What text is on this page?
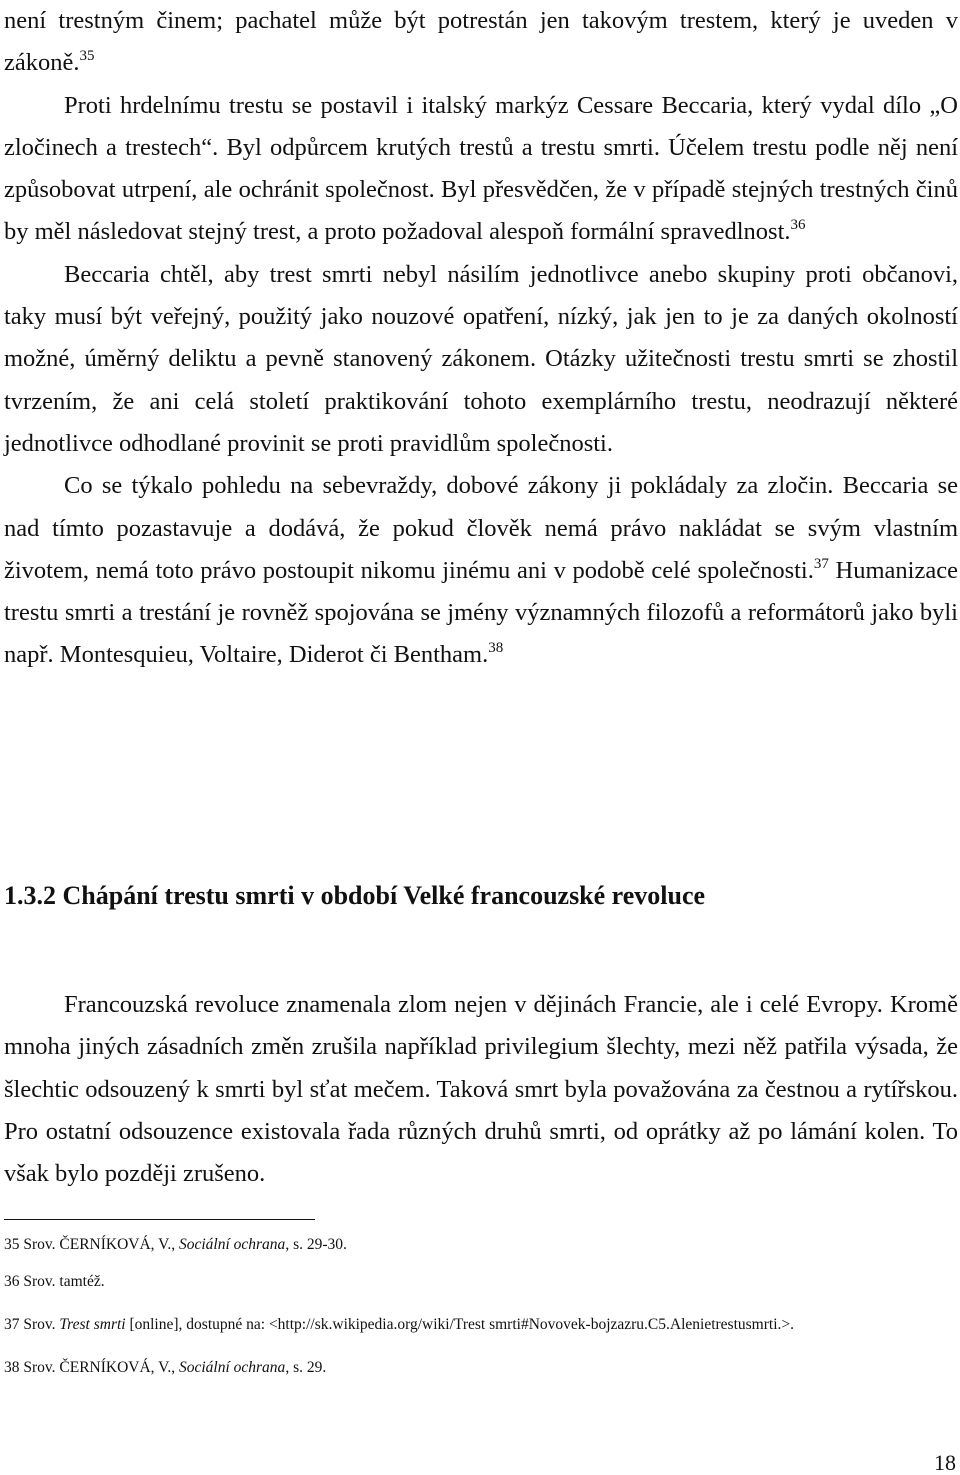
není trestným činem; pachatel může být potrestán jen takovým trestem, který je uveden v zákoně.$^{35}$

Proti hrdelnímu trestu se postavil i italský markýz Cessare Beccaria, který vydal dílo „O zločinech a trestech“. Byl odpůrcem krutých trestů a trestu smrti. Účelem trestu podle něj není způsobovat utrpení, ale ochránit společnost. Byl přesvědčen, že v případě stejných trestných činů by měl následovat stejný trest, a proto požadoval alespoň formální spravedlnost.$^{36}$

Beccaria chtěl, aby trest smrti nebyl násilím jednotlivce anebo skupiny proti občanovi, taky musí být veřejný, použitý jako nouzové opatření, nízký, jak jen to je za daných okolností možné, úměrný deliktu a pevně stanovený zákonem. Otázky užitečnosti trestu smrti se zhostil tvrzením, že ani celá století praktikování tohoto exemplárního trestu, neodrazují některé jednotlivce odhodlané provinit se proti pravidlům společnosti.

Co se týkalo pohledu na sebevraždy, dobové zákony ji pokládaly za zločin. Beccaria se nad tímto pozastavuje a dodává, že pokud člověk nemá právo nakládat se svým vlastním životem, nemá toto právo postoupit nikomu jinému ani v podobě celé společnosti.$^{37}$ Humanizace trestu smrti a trestání je rovněž spojována se jmény významných filozofů a reformátorů jako byli např. Montesquieu, Voltaire, Diderot či Bentham.$^{38}$

1.3.2 Chápání trestu smrti v období Velké francouzské revoluce

Francouzská revoluce znamenala zlom nejen v dějinách Francie, ale i celé Evropy. Kromě mnoha jiných zásadních změn zrušila například privilegium šlechty, mezi něž patřila výsada, že šlechtic odsouzený k smrti byl sťat mečem. Taková smrt byla považována za čestnou a rytířskou. Pro ostatní odsouzence existovala řada různých druhů smrti, od oprátky až po lámání kolen. To však bylo později zrušeno.

35 Srov. ČERNÍKOVÁ, V., Sociální ochrana, s. 29-30.
36 Srov. tamtéž.
37 Srov. Trest smrti [online], dostupné na: <http://sk.wikipedia.org/wiki/Trest smrti#Novovek-bojzazru.C5.Alenietrestusmrti.>.
38 Srov. ČERNÍKOVÁ, V., Sociální ochrana, s. 29.
18
